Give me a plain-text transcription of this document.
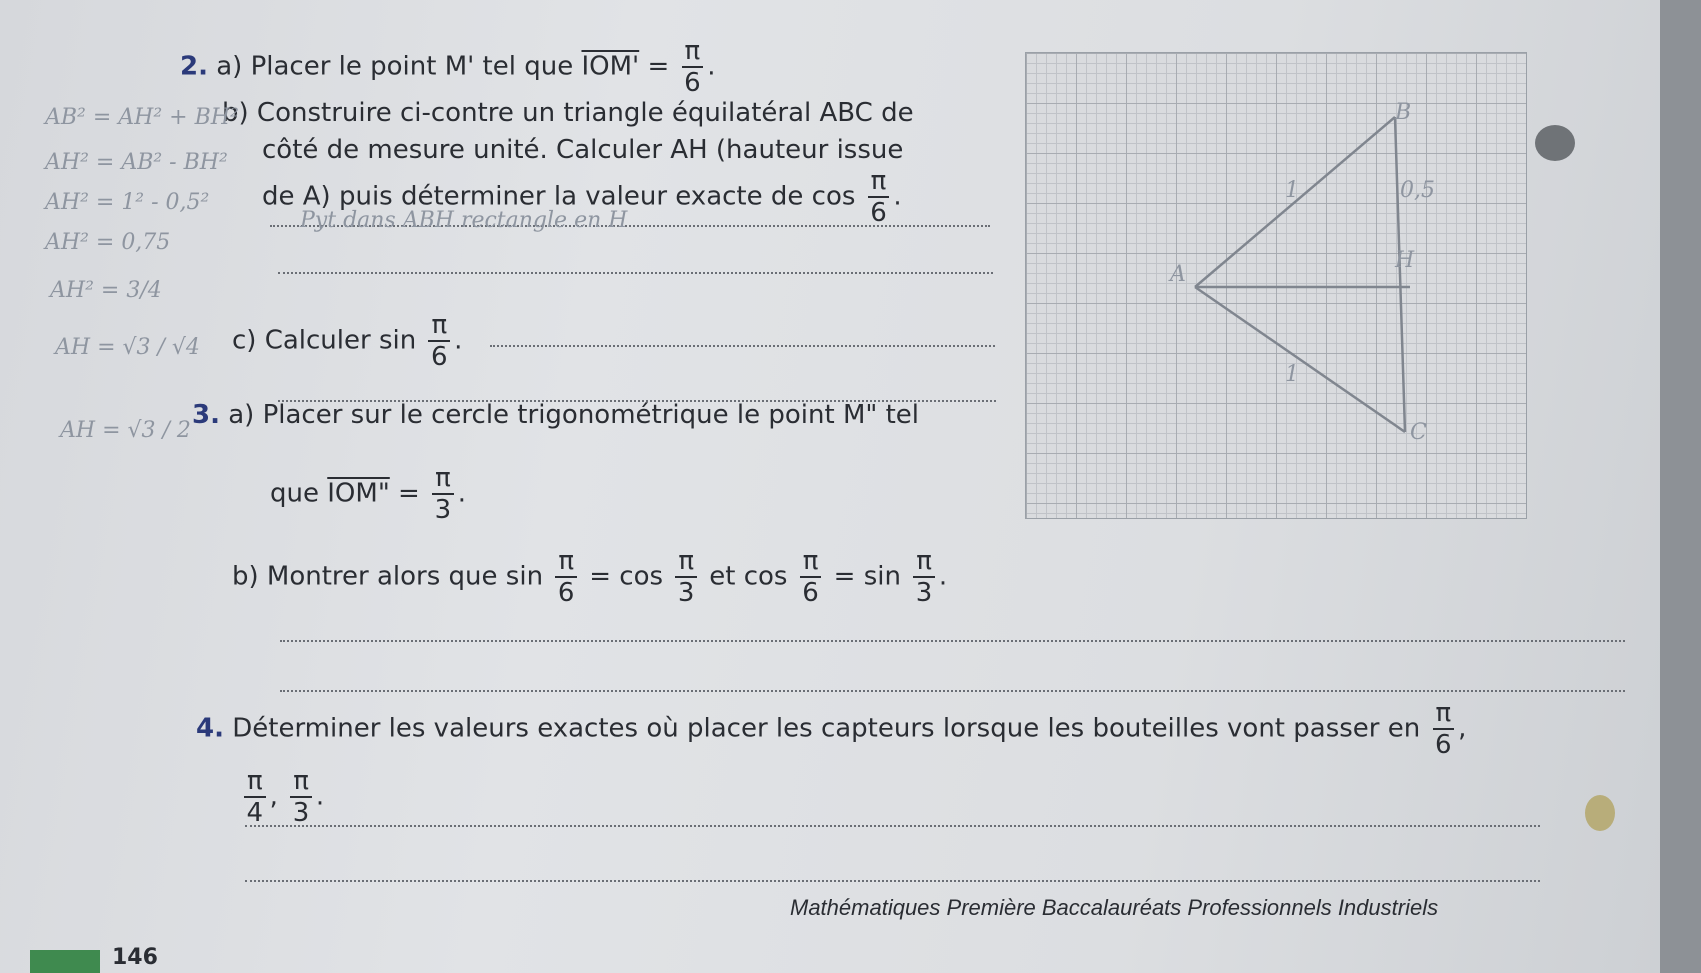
2. a) Placer le point M' tel que $IOM' = \frac{\pi}{6}$ .
b) Construire ci-contre un triangle équilatéral ABC de
côté de mesure unité. Calculer AH (hauteur issue
de A) puis déterminer la valeur exacte de $\cos \frac{\pi}{6}$ .
Pyt dans ABH rectangle en H
c) Calculer $\sin \frac{\pi}{6}$ .
3. a) Placer sur le cercle trigonométrique le point M" tel
que IOM" = $\frac{\pi}{3}$ .
b) Montrer alors que $\sin \frac{\pi}{6} = \cos \frac{\pi}{3}$ et $\cos \frac{\pi}{6} = \sin \frac{\pi}{3}$ .
4. Déterminer les valeurs exactes où placer les capteurs lorsque les bouteilles vont passer en $\frac{\pi}{6}$ ,
$\frac{\pi}{4}$ , $\frac{\pi}{3}$ .
AB² = AH² + BH²
AH² = AB² - BH²
AH² = 1² - 0,5²
AH² = 0,75
AH² = 3/4
AH = √3 / √4
AH = √3 / 2
B
A
H
C
1
1
0,5
Mathématiques Première Baccalauréats Professionnels Industriels
146
